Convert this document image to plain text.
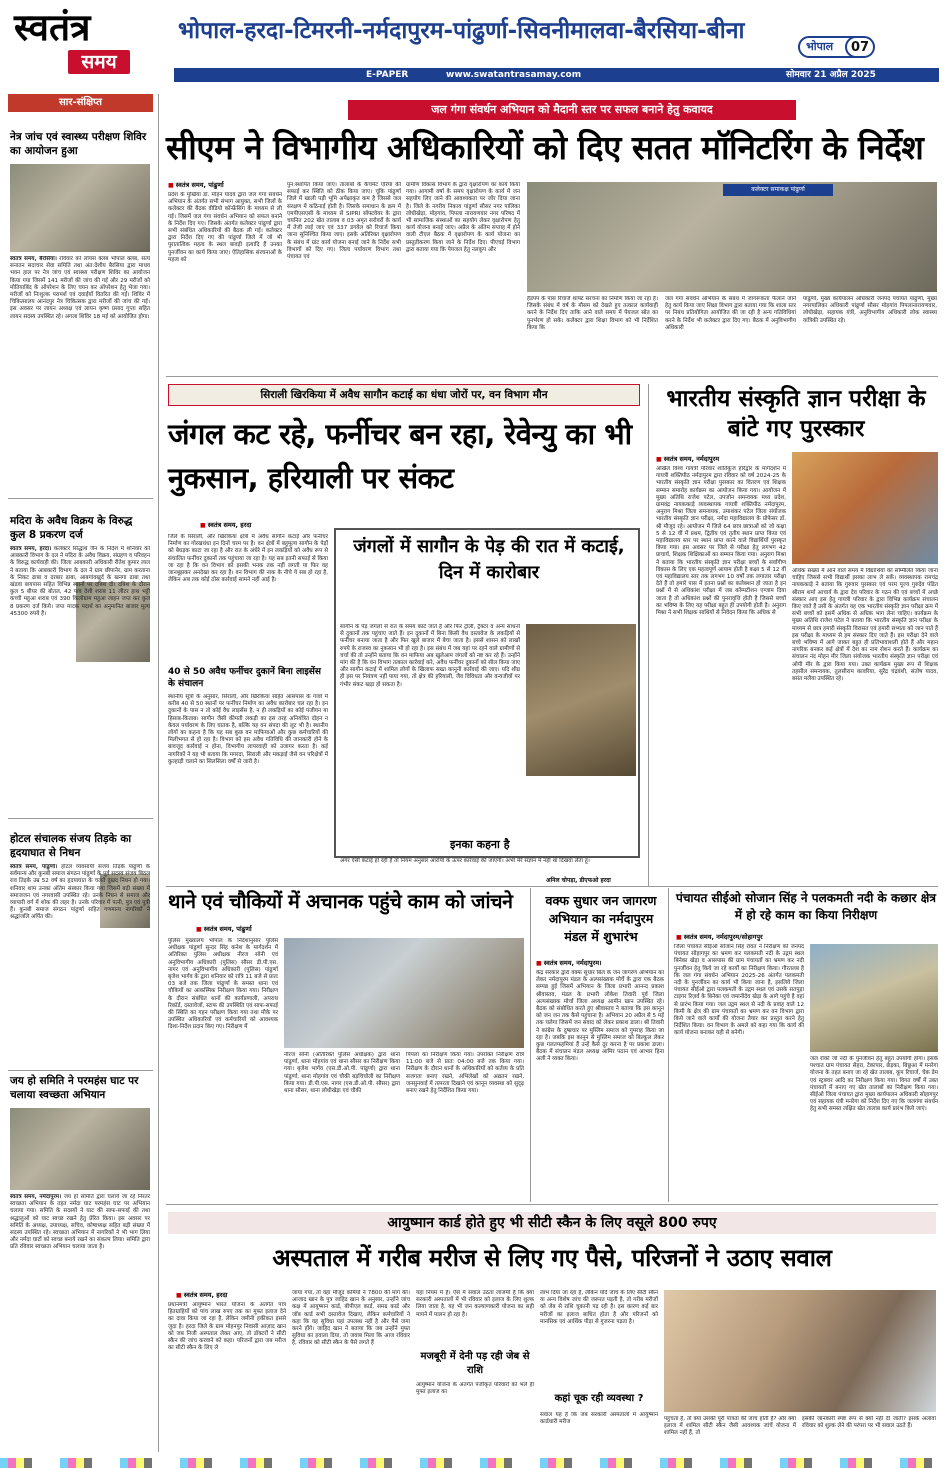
स्वतंत्र
समय
भोपाल-हरदा-टिमरनी-नर्मदापुरम-पांढुर्णा-सिवनीमालवा-बैरसिया-बीना
भोपाल	07
E-PAPER	www.swatantrasamay.com	सोमवार 21 अप्रैल 2025
सार-संक्षिप्त
नेत्र जांच एवं स्वास्थ्य परीक्षण शिविर का आयोजन हुआ
स्वतंत्र समय, बैरसिया। रविवार को लॉयंस क्लब भोपाल क्लब, सत्य सनातन सदाचार सेवा समिति तथा अंत:देशीय बैरसिया द्वारा माधव भवन हाल पर नेत्र जांच एवं स्वास्थ्य परीक्षण शिविर का आयोजन किया गया जिसमें 141 मरीजों की जांच की गई और 29 मरीजों को मोतियाबिंद के ऑपरेशन के लिए चयन कर ऑपरेशन हेतु भेजा गया। मरीजों को निःशुल्क परामर्श एवं दवाईयाँ वितरित की गई। शिविर में चिकित्सालय आनंदपुर नेत्र चिकित्सक द्वारा मरीजों की जांच की गई। इस अवसर पर लायन अध्यक्ष एवं लायन कृष्ण प्रसाद गुप्ता सहित लायन सदस्य उपस्थित रहे। अगला शिविर 18 मई को आयोजित होगा।
मदिरा के अवैध विक्रय के विरुद्ध कुल 8 प्रकरण दर्ज
स्वतंत्र समय, हरदा। कलेक्टर सिद्धार्थ जैन के निर्देश में शनिवार को आबकारी विभाग के दल ने मदिरा के अवैध विक्रय, संग्रहण व परिवहन के विरुद्ध कार्यवाही की। जिला आबकारी अधिकारी रीतेश कुमार लाल ने बताया कि आबकारी विभाग के दल ने ग्राम छीपानेर, ग्राम करताना के निकट ढाबा व दरबार ढाबा, आबगांवखुर्द के खनगा ढाबा तथा खंडवा बायपास सहित विभिन्न स्थानों पर दबिश दी। दबिश के दौरान कुल 5 बीयर की बोतल, 42 पाव देशी शराब 11 लीटर हाथ भट्टी कच्ची महुआ शराब एवं 390 किलोग्राम महुआ लाहन जप्त कर कुल 8 प्रकरण दर्ज किये। जप्त मादक पदार्थ का अनुमानित बाजार मूल्य 45300 रुपये है।
होटल संचालक संजय तिड़के का हृदयाघात से निधन
स्वतंत्र समय, पांढुर्णा। होटल व्यवसायी संजय तिड़के पांढुर्णा के सर्वमान्य और कुनबी समाज संगठन पांढुर्णा के पूर्व सदस्य संजय बिठल राव तिड़के उम्र 52 वर्ष का हृदयाघात के चलते दुखद निधन हो गया। शनिवार शाम उनका अंतिम संस्कार किया गया जिसमें बड़ी संख्या में समाजजन एवं नगरवासी उपस्थित रहे। उनके निधन से समाज और व्यापारी वर्ग में शोक की लहर है। उनके परिवार में पत्नी, पुत्र एवं पुत्री हैं। कुनबी समाज संगठन पांढुर्णा सहित गणमान्य नागरिकों ने श्रद्धांजलि अर्पित की।
जय हो समिति ने परमहंस घाट पर चलाया स्वच्छता अभियान
स्वतंत्र समय, नर्मदापुरम। जय हो समिति द्वारा चलाये जा रहे निरंतर स्वच्छता अभियान के तहत नर्मदा घाट परमहंस घाट पर अभियान चलाया गया। समिति के सदस्यों ने घाट की साफ-सफाई की तथा श्रद्धालुओं को घाट स्वच्छ रखने हेतु प्रेरित किया। इस अवसर पर समिति के अध्यक्ष, उपाध्यक्ष, सचिव, कोषाध्यक्ष सहित बड़ी संख्या में सदस्य उपस्थित रहे। स्वच्छता अभियान में नागरिकों ने भी भाग लिया और नर्मदा घाटों को स्वच्छ बनाये रखने का संकल्प लिया। समिति द्वारा प्रति रविवार स्वच्छता अभियान चलाया जाता है।
जल गंगा संवर्धन अभियान को मैदानी स्तर पर सफल बनाने हेतु कवायद
सीएम ने विभागीय अधिकारियों को दिए सतत मॉनिटरिंग के निर्देश
■ स्वतंत्र समय, पांढुर्णा
प्रदेश के मुखिया डॉ. मोहन यादव द्वारा जल गंगा संवर्धन अभियान के अंतर्गत सभी संभाग आयुक्त, सभी जिलों के कलेक्टर की बैठक वीडियो कॉन्फ्रेंसिंग के माध्यम से ली गई। जिसमें जल गंगा संवर्धन अभियान को सफल बनाने के निर्देश दिए गए। जिसके अंतर्गत कलेक्टर पांढुर्णा द्वारा सभी संबंधित अधिकारियों की बैठक ली गई। कलेक्टर द्वारा निर्देश दिए गए की पांढुर्णा जिले में जो भी पुरातात्विक महत्व के स्थल बावड़ी इत्यादि हैं उनका पुनर्जीवन का कार्य किया जाए। ऐतिहासिक संरचनाओं के महत्व को
पुन:स्थापित किया जाए। तालाबों के कैचमेंट एरिया की सफाई कर स्थिति को ठीक किया जाए। चूंकि पांढुर्णा जिले में खाली पड़ी भूमि अपेक्षाकृत कम है जिससे जल संरक्षण में कठिनाई होती है। जिसके समाधान के क्रम में एमपीएसएसी के माध्यम से SIPRI सॉफ्टवेयर के द्वारा चयनित 202 खेत तालाब व 03 अमृत सरोवरों के कार्य में तेजी लाई जाए एवं 337 डगवेल को रिचार्ज किया जाना सुनिश्चित किया जाए। इसके अतिरिक्त वृक्षारोपण के संबंध में ग्रांट कार्य योजना बनाई जाने के निर्देश सभी विभागों को दिए गए। जिला पर्यावरण विभाग तथा पंचायत एवं
ग्रामीण विकास विभाग के द्वारा वृक्षारोपण का कार्य किया गया। आगामी वर्षा के समय वृक्षारोपण के कार्य में जन सहयोग लिए जाने की आवश्यकता पर जोर दिया जाना है। जिले के नगरीय निकाय पांढुर्णा सौसर नगर पालिका लोधीखेड़ा, मोहगांव, पिपला नारायणवार नगर परिषद में भी सामाजिक संस्थाओं का सहयोग लेकर वृक्षारोपण हेतु कार्य योजना बनाई जाए। अप्रैल के अंतिम सप्ताह में होने वाली टीएल बैठक में वृक्षारोपण के कार्य योजना का प्रस्तुतीकरण किया जाने के निर्देश दिए। पीएचई विभाग द्वारा बताया गया कि पेयजल हेतु नलकूप और
कलेक्टर समाकक्ष पांढुर्णा
हैंडपंप के पास रिचार्ज शाफ्ट संरचना का निर्माण किया जा रहा है। जिसके संबंध में वर्ष के मौसम को देखते हुए तत्काल कार्यवाही करने के निर्देश दिए ताकि आने वाले समय में पेयजल स्रोत का पुनर्भरण हो सके। कलेक्टर द्वारा शिक्षा विभाग को भी निर्देशित किया कि
जल गंगा संवर्धन अभियान के संबंध में जागरूकता फैलाने जाने हेतु कार्य किया जाए शिक्षा विभाग द्वारा बताया गया कि शाला स्तर पर निबंध प्रतियोगिता आयोजित की जा रही है अन्य गतिविधियां करने के निर्देश भी कलेक्टर द्वारा दिए गए। बैठक में अनुविभागीय अधिकारी
पांढुर्णा, मुख्य कार्यपालन अधिकारी जनपद पंचायत पांढुर्णा, मुख्य नगरपालिका अधिकारी पांढुर्णा सौसर मोहगांव पिपलानारायणवार, लोधीखेड़ा, सहायक यंत्री, अनुविभागीय अधिकारी लोक स्वास्थ्य यांत्रिकी उपस्थित रहे।
सिराली खिरकिया में अवैध सागौन कटाई का धंधा जोरों पर, वन विभाग मौन
जंगल कट रहे, फर्नीचर बन रहा, रेवेन्यु का भी नुकसान, हरियाली पर संकट
■ स्वतंत्र समय, हरदा
जिले के सिराली, और खिरकिया क्षेत्रों में अवैध सागौन कटाई और फर्नीचर निर्माण का गोरखधंधा इन दिनों चरम पर है। वन क्षेत्रों में बहुमूल्य सागौन के पेड़ों को बेधड़क काटा जा रहा है और रात के अंधेरे में इन लकड़ियों को अवैध रूप से संचालित फर्नीचर दुकानों तक पहुंचाया जा रहा है। यह सब इतनी सफाई से किया जा रहा है कि वन विभाग को इसकी भनक तक नहीं लगती या फिर वह जानबूझकर अनदेखा कर रहा है। वन विभाग की नाक के नीचे ये सब हो रहा है, लेकिन अब तक कोई ठोस कार्रवाई सामने नहीं आई है।
40 से 50 अवैध फर्नीचर दुकानें बिना लाइसेंस के संचालन
स्थानीय सूत्रों के अनुसार, सिराली, और खिरकिया सहित आसपास के गांवों में करीब 40 से 50 स्थानों पर फर्नीचर निर्माण का अवैध कारोबार चल रहा है। इन दुकानों के पास न तो कोई वैध लाइसेंस है, न ही लकड़ियों का कोई पंजीयन या हिसाब-किताब। सागौन जैसी कीमती लकड़ी का इस तरह अनियंत्रित दोहन न केवल पर्यावरण के लिए घातक है, बल्कि यह वन संपदा की लूट भी है। स्थानीय लोगों का कहना है कि यह सब कुछ वन माफियाओं और कुछ कर्मचारियों की मिलीभगत से हो रहा है। विभाग को इस अवैध गतिविधि की जानकारी होने के बावजूद कार्रवाई न होना, विभागीय लापरवाही को उजागर करता है। कई नागरिकों ने यह भी बताया कि मगरदा, सिराली और मकड़ाई जैसे वन परिक्षेत्रों में कुल्हाड़ी चलाने का सिलसिला वर्षों से जारी है।
जंगलों में सागौन के पेड़ की रात में कटाई, दिन में कारोबार
सागौन के पेड़ जंगलों से रात के समय काटे जाते हैं और फिर ट्रॉली, ट्रैक्टर व अन्य साधनों से दुकानों तक पहुंचाए जाते हैं। इन दुकानों में बिना किसी वैध दस्तावेज के लकड़ियों से फर्नीचर बनाया जाता है और फिर खुले बाजार में बेचा जाता है। इससे शासन को लाखों रुपये के राजस्व का नुकसान भी हो रहा है। इस संबंध में जब यहां पर रहने वाले ग्रामीणों से चर्चा की तो उन्होंने बताया कि वन माफिया अब खुलेआम जंगलों को नष्ट कर रहे हैं। उन्होंने मांग की है कि वन विभाग तत्काल कार्रवाई करे, अवैध फर्नीचर दुकानों को सील किया जाए और सागौन कटाई में शामिल लोगों के खिलाफ सख्त कानूनी कार्रवाई की जाए। यदि शीघ्र ही इस पर नियंत्रण नहीं पाया गया, तो क्षेत्र की हरियाली, जैव विविधता और वन्यजीवों पर गंभीर संकट खड़ा हो सकता है।
इनका कहना है
अगर ऐसी कटाई हो रही है तो नियम अनुसार आरोपी के ऊपर कार्रवाई की जाएगी। अभी मेरे संज्ञान में नहीं था दिखवा लेता हूं।
अनिल चोपड़ा, डीएफओ हरदा
भारतीय संस्कृति ज्ञान परीक्षा के बांटे गए पुरस्कार
■ स्वतंत्र समय, नर्मदापुरम
अखिल विश्व गायत्री परिवार शांतिकुंज हरिद्वार के मार्गदर्शन में गायत्री शक्तिपीठ नर्मदापुरम द्वारा रविवार को वर्ष 2024-25 के भारतीय संस्कृति ज्ञान परीक्षा पुरस्कार का वितरण एवं शिक्षक सम्मान समारोह कार्यक्रम का आयोजन किया गया। आयोजन में मुख्य अतिथि राजेश पटेल, उपजोन समन्वयक मध्य प्रदेश, ग्रामवंद्र नायककाड़े व्यवस्थापक गायत्री शक्तिपीठ नर्मदापुरम, अनुराग मिश्रा जिला समन्वयक, उमाशंकर पटेल जिला संयोजक भारतीय संस्कृति ज्ञान परीक्षा, नर्मदा महाविद्यालय के प्रोफेसर डॉ. श्री मौजूद रहे। आयोजन में जिले 64 छात्र छात्राओं को जो कक्षा 5 से 12 वीं में प्रथम, द्वितीय एवं तृतीय स्थान प्राप्त किया एवं महाविद्यालय स्तर पर स्थान प्राप्त करने वाले विद्यार्थियों पुरस्कृत किया गया। इस अवसर पर जिले से परीक्षा हेतु लगभग 42 प्राचार्य, शिक्षक शिक्षिकाओं का सम्मान किया गया। अनुराग मिश्रा ने बताया कि भारतीय संस्कृति ज्ञान परीक्षा बच्चों के सर्वांगीण विकास के लिए एक महत्वपूर्ण आयाम होती है कक्षा 5 से 12 वीं एवं महाविद्यालय स्तर तक लगभग 10 वर्षों तक लगातार परीक्षा देते हैं तो हमारे पास में इतना प्रश्नों का कलेक्शन हो जाता है इन प्रश्नों में से अधिकांश परीक्षा में जब कॉम्पटीशन एग्जाम दिया जाता है तो अधिकांश प्रश्नों की पुनरावृत्ति होती है जिससे बच्चों का भविष्य के लिए यह परीक्षा बहुत ही उपयोगी होती है। अनुराग मिश्रा ने सभी शिक्षक साथियों से निवेदन किया कि अधिक से
अधिक संख्या में आने वाले समय में विद्यार्थियों को सम्मिलित किया जाना चाहिए जिससे सभी विद्यार्थी इसका लाभ ले सकें। व्यवस्थापक रामचंद्र नायककाड़े ने बताया कि गुरुवार पुरस्कार एवं परम पूज्य गुरुदेव पंडित श्रीराम शर्मा आचार्य के द्वारा देव परिवार के गठन की एवं बच्चों में अच्छे संस्कार आए इस हेतु गायत्री परिवार के द्वारा विभिन्न कार्यक्रम संचालन किए जाते हैं उसी के अंतर्गत यह एक भारतीय संस्कृति ज्ञान परीक्षा क्रम में सभी बच्चों को इसमें अधिक से अधिक भाग लेना चाहिए। कार्यक्रम के मुख्य अतिथि राजेश पटेल ने बताया कि भारतीय संस्कृति ज्ञान परीक्षा के माध्यम से छात्र हमारी संस्कृति विरासत एवं हमारी सभ्यता को जान पाते हैं इस परीक्षा के माध्यम से हम संस्कार दिए जाते हैं। इस परीक्षा देने वाले बच्चे भविष्य में आगे जाकर बहुत ही प्रतिभावाशली होते हैं और महान नागरिक बनकर कई क्षेत्रों में देश का नाम रोशन करते हैं। कार्यक्रम का संचालन नंद मोहन मीर जिला संयोजक भारतीय संस्कृति ज्ञान परीक्षा एवं ओपी मीर के द्वारा किया गया। उक्त कार्यक्रम मुख्य रूप से शिक्षक तहसील समन्वयक, तुलसीराम कावरिया, सुरेंद्र चंद्रवंशी, संतोष यादव, बसंत मलैया उपस्थित रहे।
थाने एवं चौकियों में अचानक पहुंचे काम को जांचने
■ स्वतंत्र समय, पांढुर्णा
पुलिस मुख्यालय भोपाल के निर्देशानुसार पुलिस अधीक्षक पांढुर्णा सुन्दर सिंह कनेश के मार्गदर्शन में अतिरिक्त पुलिस अधीक्षक नीरज सोनी एवं अनुविभागीय अधिकारी (पुलिस) सौसर डी.पी.एस. नागर एवं अनुविभागीय अधिकारी (पुलिस) पांढुर्णा बृजेश भार्गव के द्वारा शनिवार को रात्रि 11 बजे से प्रातः 03 बजे तक जिला पांढुर्णा के समस्त थाना एवं चौकियों का आकस्मिक निरीक्षण किया गया। निरीक्षण के दौरान संबंधित थानों की कार्यप्रणाली, अपराध रिकॉर्ड, दस्तावेजों, स्टाफ की उपस्थिति एवं साफ-सफाई की स्थिति का गहन परीक्षण किया गया तथा मौके पर उपस्थित अधिकारियों एवं कर्मचारियों को आवश्यक दिशा-निर्देश प्रदान किए गए। निरीक्षण में
नीरज सोनी (अतिरिक्त पुलिस अधीक्षक) द्वारा थाना पांढुर्णा, थाना मोहगांव एवं थाना सौसर का निरीक्षण किया गया। बृजेश भार्गव (एस.डी.ओ.पी. पांढुर्णा) द्वारा थाना पांढुर्णा, थाना मोहगांव एवं चौकी बड़चिचोली का निरीक्षण किया गया। डी.पी.एस. नागर (एस.डी.ओ.पी. सौसर) द्वारा थाना सौसर, थाना लोधीखेड़ा एवं चौकी
पिपला का निरीक्षण किया गया। उपरोक्त निरीक्षण रात्रि 11:00 बजे से प्रातः 04:00 बजे तक किया गया। निरीक्षण के दौरान थानों के अधिकारियों को कर्तव्य के प्रति सजगता बनाए रखने, अभिलेखों को अद्यतन रखने, जनसुनवाई में तत्परता दिखाने एवं कानून व्यवस्था को सुदृढ़ बनाए रखने हेतु निर्देशित किया गया।
वक्फ सुधार जन जागरण अभियान का नर्मदापुरम मंडल में शुभारंभ
■ स्वतंत्र समय, नर्मदापुरम।
केंद्र सरकार द्वारा वक्फ सुधार बिल के जन जागरण अभियान का लेकर नर्मदापुरम मंडल के अल्पसंख्यक मोर्चे के द्वारा एक बैठक सम्पन्न हुई जिसमें अभियान के जिला प्रभारी आनन्द प्रकाश श्रीवास्तव, मंडल के प्रभारी लोकेश तिवारी पूर्व जिला अल्पसंख्यक मोर्चा जिला अध्यक्ष आमीन खान उपस्थित रहे। बैठक को संबोधित करते हुए श्रीवास्तव ने बताया कि इस कानून को जन जन तक कैसे पहुंचाना है। अभियान 20 अप्रैल से 5 मई तक चलेगा जिसमें जन संवाद को लेकर प्रकाश डाला। श्री तिवारी ने कांग्रेस के दुष्प्रचार पर मुस्लिम समाज को गुमराह किया जा रहा है। जबकि इस कानून से मुस्लिम समाज को बिल्कुल लेकर कुछ गलतफहमियां हैं उन्हें कैसे दूर करना है पर प्रकाश डाला। बैठक में संचालन मंडल अध्यक्ष आमिर पठान एवं आभार हिना अली ने व्यक्त किया।
पंचायत सीईओ सोजान सिंह ने पलकमती नदी के कछार क्षेत्र में हो रहे काम का किया निरीक्षण
■ स्वतंत्र समय, नर्मदापुरम/सोहागपुर
जिला पंचायत सीईओ सोजान सिंह रावत ने निरीक्षण को जनपद पंचायत सोहागपुर का भ्रमण कर पलकमती नदी के उद्गम स्थल बिनेका खेड़ा व आसपास की ग्राम पंचायतों का भ्रमण कर नदी पुनर्जीवन हेतु किये जा रहे कार्यों का निरीक्षण किया। गौरतलब है कि जल गंगा संवर्धन अभियान 2025-26 अंतर्गत पलकमती नदी के पुनर्जीवन का कार्य भी किया जाना है, इसलिये जिला पंचायत सीईओ द्वारा पलकमती के उद्गम स्थल एवं उसके सतपुड़ा टाइगर रिज़र्व के बिनेका एवं जमानीदेव खेड़ा के आगे पहुंचे है वहां से प्रारंभ किया गया। जल उद्गम स्थल से नदी के प्रवाह वाले 12 किमी के क्षेत्र की ग्राम पंचायतों का भ्रमण कर वन विभाग द्वारा किये जाने वाले कार्यों की योजना तैयार कर प्रस्तुत करने हेतु निर्देशित किया। वन विभाग के अमले को कहा गया कि कार्य की कार्य योजना बनाकर यही से बनेगी।
जल रोको जो नदी के पुनर्जीवन हेतु बहुत उपयोगी होगा। इसके पश्चात ग्राम पंचायत सेहरा, टेकापार, छेड़का, बिछुआ में मनरेगा योजना के तहत बनाए जा रहे खेत तालाब, कूप रिचार्ज, चेक डेम एवं स्ट्रक्चर आदि का निरीक्षण किया गया। विगत वर्षों में उक्त पंचायतों में बनाए गए खेत तालाबों का निरीक्षण किया गया। सीईओ जिला पंचायत द्वारा मुख्य कार्यपालन अधिकारी सोहागपुर एवं सहायक यंत्री मनरेगा को निर्देश दिए गए कि जलगंगा संवर्धन हेतु सभी समस्त लक्षित खेत तालाब कार्य प्रारंभ किये जाएं।
आयुष्मान कार्ड होते हुए भी सीटी स्कैन के लिए वसूले 800 रुपए
अस्पताल में गरीब मरीज से लिए गए पैसे, परिजनों ने उठाए सवाल
■ स्वतंत्र समय, हरदा
प्रधानमंत्री आयुष्मान भारत योजना के अंतर्गत पात्र हितग्राहियों को पांच लाख रुपए तक का मुफ्त इलाज देने का दावा किया जा रहा है, लेकिन जमीनी हकीकत इससे जुदा है। हरदा जिले के ग्राम मोहनपुर निवासी आज़ाद खान को जब निजी अस्पताल लेकर आए, तो डॉक्टरों ने सीटी स्कैन की जांच करवाने को कहा। परिजनों द्वारा जब मरीज का सीटी स्कैन के लिए ले
जाया गया, तो वहां मौजूद कर्मियों ने 7800 की मांग की। आजाद खान के पुत्र जाहिद खान के अनुसार, उन्होंने जांच कक्ष में आयुष्मान कार्ड, बीपीएल कार्ड, समग्र कार्ड और जॉब कार्ड सभी दस्तावेज दिखाए, लेकिन कर्मचारियों ने कहा कि यह सुविधा यहां उपलब्ध नहीं है और पैसे जमा करने होंगे। जाहिद खान ने बताया कि जब उन्होंने मुफ्त सुविधा का हवाला दिया, तो जवाब मिला कि आज रविवार है, रविवार को सीटी स्कैन के पैसे लगते हैं
यहां नियम में है। ऐसे में सवाल उठता लाजमी है कि क्या सरकारी अस्पतालों में भी रविवार को इलाज के लिए शुल्क लिया जाता है, यह भी जन कल्याणकारी योजना का सही मायने में पालन हो रहा है।
मजबूरी में देनी पड़ रही जेब से राशि
आयुष्मान योजना के अंतर्गत पंजीकृत परिवारों को भले ही मुफ्त इलाज का
लाभ दिया जा रहा है, लेकिन यदि जांच के लिए सीटी स्कैन या अन्य विशेष जांच की जरूरत पड़ती है, तो गरीब मरीजों को जेब से राशि चुकानी पड़ रही है। इस कारण कई बार मरीजों का इलाज बाधित होता है और परिजनों को मानसिक एवं आर्थिक पीड़ा से गुजरना पड़ता है।
कहां चूक रही व्यवस्था ?
सवाल यह है कि जब सरकारी अस्पतालों में आयुष्मान कार्डधारी मरीज
पहुंचता है, तो क्या उसकी पूरी पात्रता की जांच होती है? और क्या इलाज में शामिल सीटी स्कैन जैसी आवश्यक जांचें योजना में शामिल नहीं हैं, तो
इसकी जानकारी स्पष्ट रूप से क्यों नहीं दी जाती? इसके अलावा रविवार को शुल्क लेने की परंपरा पर भी सवाल उठते हैं।
